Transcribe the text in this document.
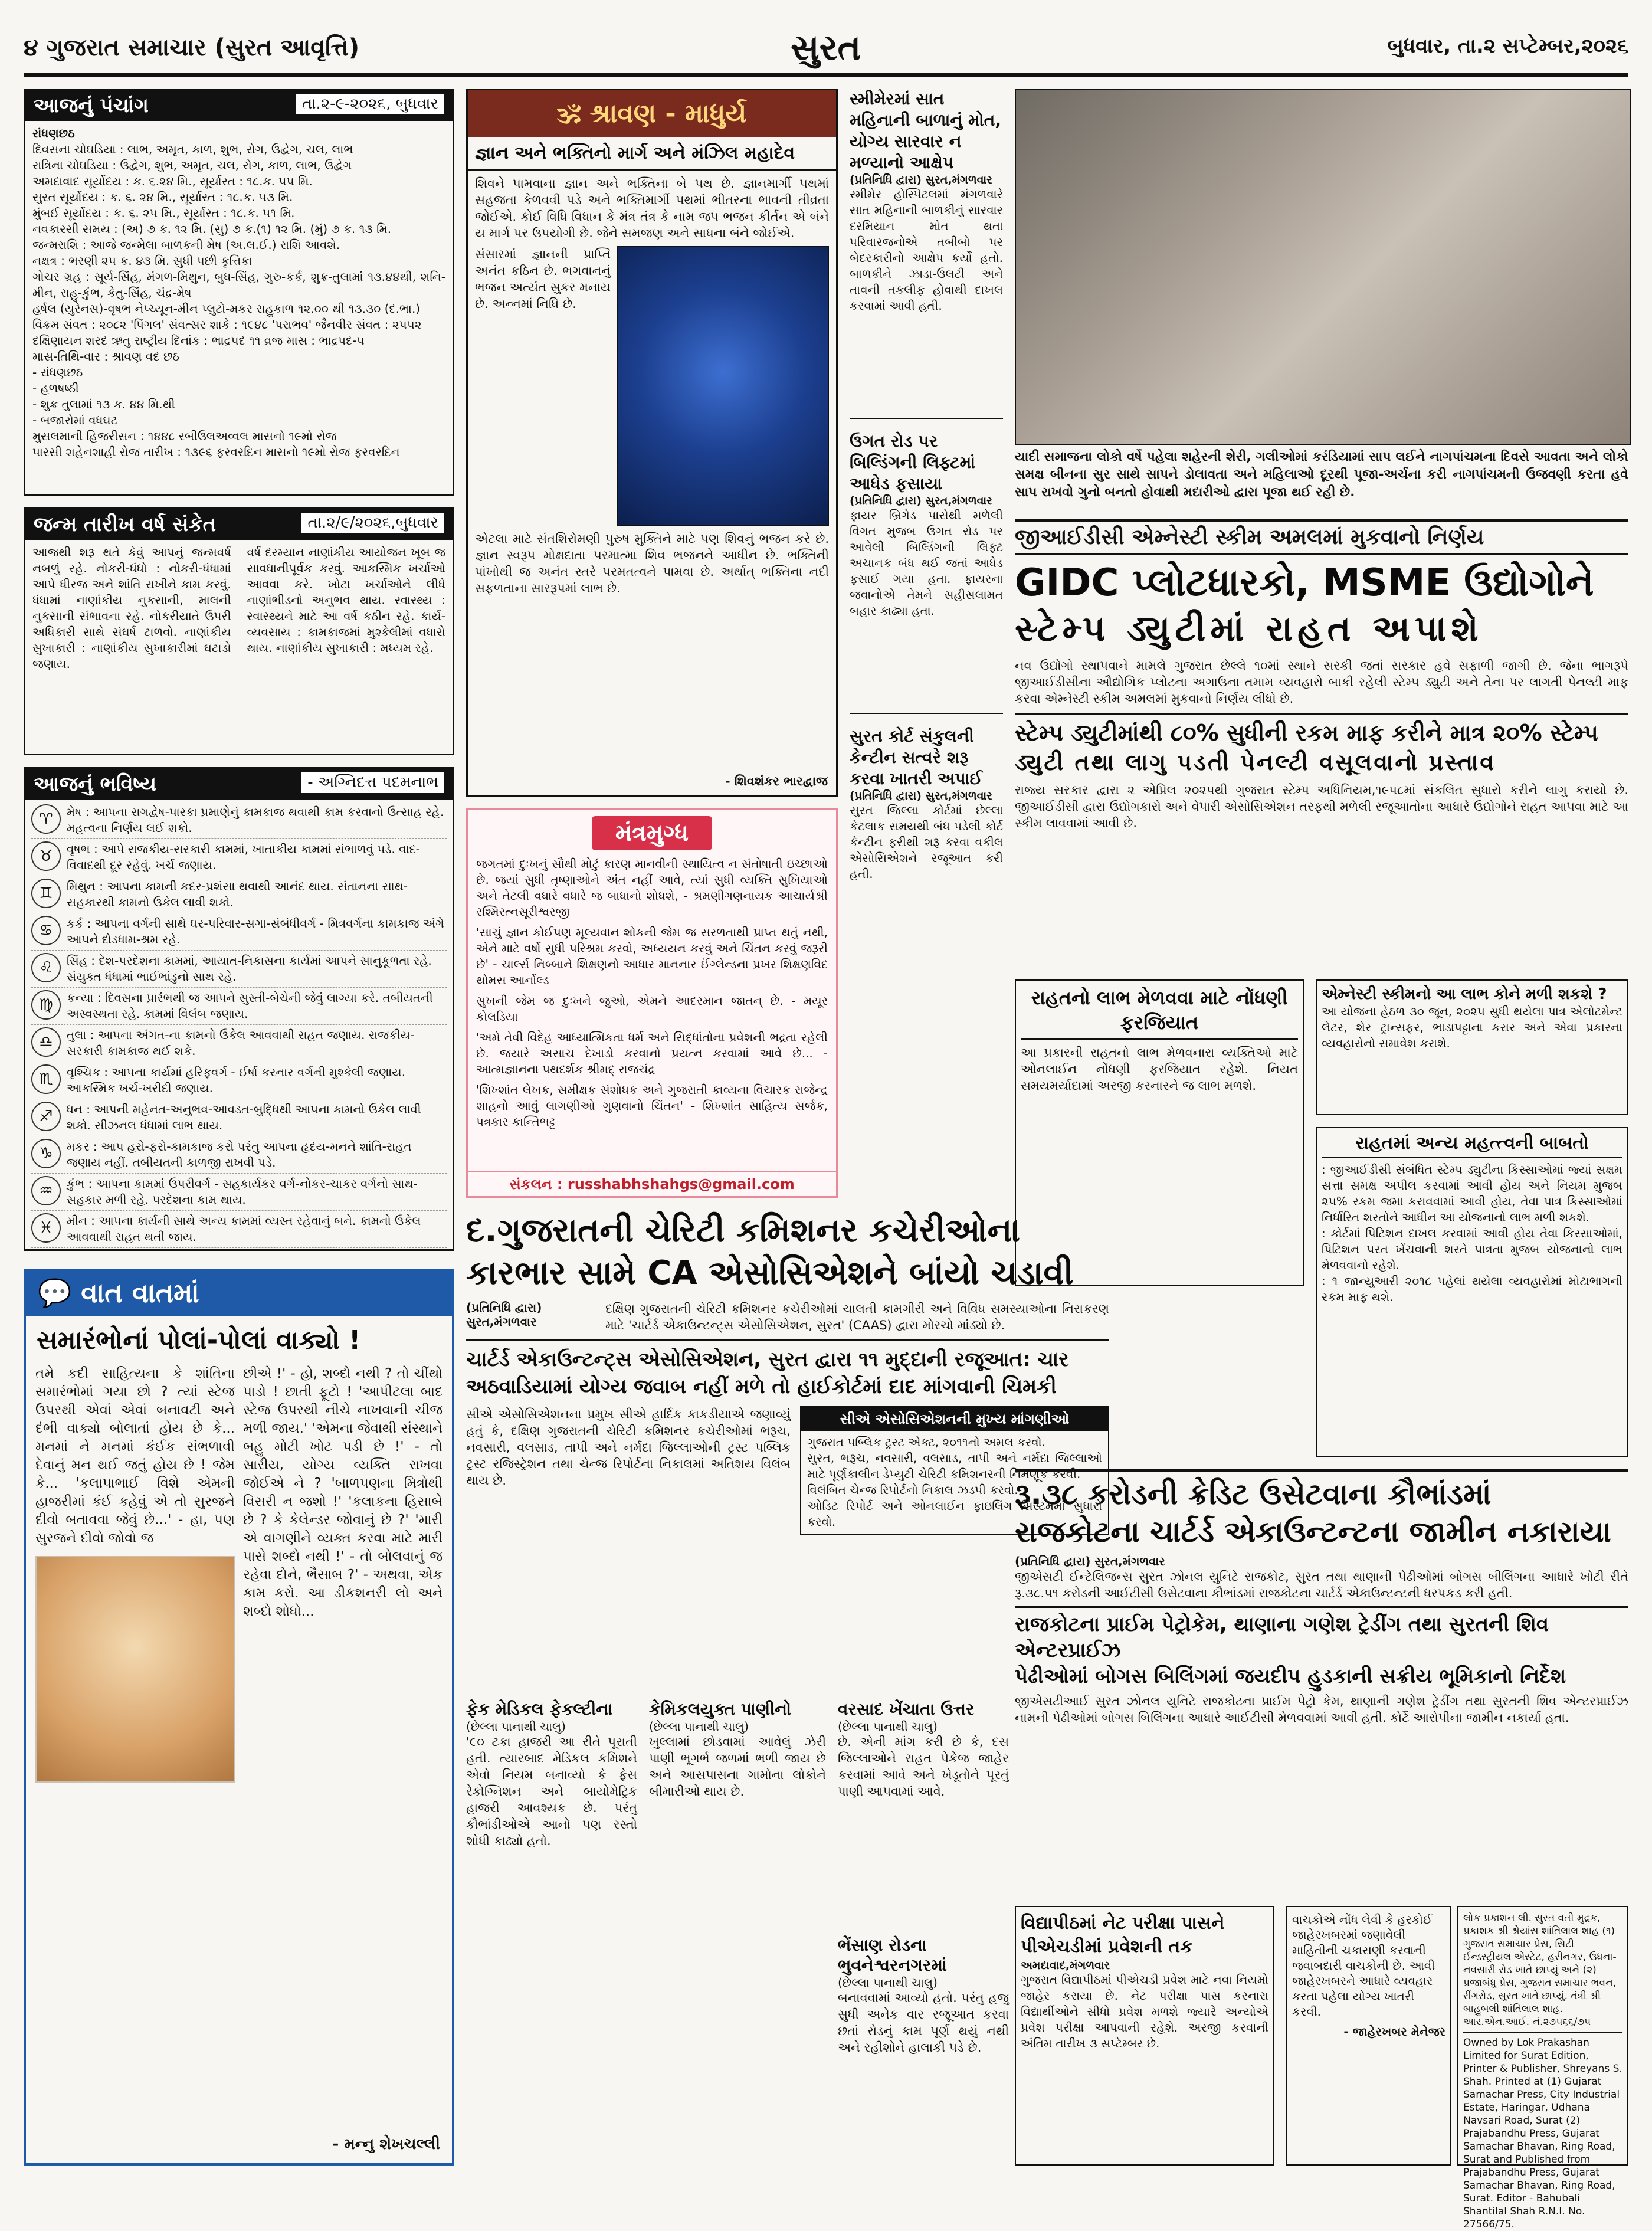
૪ ગુજરાત સમાચાર (સુરત આવૃત્તિ)	સુરત	બુધવાર, તા.૨ સપ્ટેમ્બર,૨૦૨૬
આજનું પંચાંગ	તા.૨-૯-૨૦૨૬, બુધવાર
રાંધણછઠ
દિવસના ચોઘડિયા : લાભ, અમૃત, કાળ, શુભ, રોગ, ઉદ્વેગ, ચલ, લાભ
રાત્રિના ચોઘડિયા : ઉદ્વેગ, શુભ, અમૃત, ચલ, રોગ, કાળ, લાભ, ઉદ્વેગ
અમદાવાદ સૂર્યોદય : ક. ૬.૨૪ મિ., સૂર્યાસ્ત : ૧૮.ક. ૫૫ મિ.
સુરત સૂર્યોદય : ક. ૬. ૨૪ મિ., સૂર્યાસ્ત : ૧૮.ક. ૫૩ મિ.
મુંબઈ સૂર્યોદય : ક. ૬. ૨૫ મિ., સૂર્યાસ્ત : ૧૮.ક. ૫૧ મિ.
નવકારસી સમય : (અ) ૭ ક. ૧૨ મિ. (સુ) ૭ ક.(૧) ૧૨ મિ. (મું) ૭ ક. ૧૩ મિ.
જન્મરાશિ : આજે જન્મેલા બાળકની મેષ (અ.લ.ઈ.) રાશિ આવશે.
નક્ષત્ર : ભરણી ૨૫ ક. ૪૩ મિ. સુધી પછી કૃત્તિકા
ગોચર ગ્રહ : સૂર્ય-સિંહ, મંગળ-મિથુન, બુધ-સિંહ, ગુરુ-કર્ક, શુક્ર-તુલામાં ૧૩.૪૪થી, શનિ-મીન, રાહુ-કુંભ, કેતુ-સિંહ, ચંદ્ર-મેષ
હર્ષલ (યુરેનસ)-વૃષભ નેપ્ચ્યૂન-મીન પ્લુટો-મકર રાહુકાળ ૧૨.૦૦ થી ૧૩.૩૦ (દ.ભા.)
વિક્રમ સંવત : ૨૦૮૨ 'પિંગલ' સંવત્સર શાકે : ૧૯૪૮ 'પરાભવ' જૈનવીર સંવત : ૨૫૫૨
દક્ષિણાયન શરદ ઋતુ રાષ્ટ્રીય દિનાંક : ભાદ્રપદ ૧૧ વ્રજ માસ : ભાદ્રપદ-૫
માસ-તિથિ-વાર : શ્રાવણ વદ છઠ
- રાંધણછઠ
- હળષષ્ઠી
- શુક્ર તુલામાં ૧૩ ક. ૪૪ મિ.થી
- બજારોમાં વધઘટ
મુસલમાની હિજરીસન : ૧૪૪૮ રબીઉલઅવ્વલ માસનો ૧૯મો રોજ
પારસી શહેનશાહી રોજ તારીખ : ૧૩૯૬ ફરવરદિન માસનો ૧૯મો રોજ ફરવરદિન
જન્મ તારીખ વર્ષ સંકેત	તા.૨/૯/૨૦૨૬,બુધવાર
આજથી શરૂ થતે કેવું આપનું જન્મવર્ષ નબળું રહે. નોકરી-ધંધો : નોકરી-ધંધામાં આપે ધીરજ અને શાંતિ રાખીને કામ કરવું. ધંધામાં નાણાંકીય નુકસાની, માલની નુકસાની સંભાવના રહે. નોકરીયાતે ઉપરી અધિકારી સાથે સંઘર્ષ ટાળવો. નાણાંકીય સુખાકારી : નાણાંકીય સુખાકારીમાં ઘટાડો જણાય.
વર્ષ દરમ્યાન નાણાંકીય આયોજન ખૂબ જ સાવધાનીપૂર્વક કરવું. આકસ્મિક ખર્ચાઓ આવવા કરે. ખોટા ખર્ચાઓને લીધે નાણાંભીડનો અનુભવ થાય. સ્વાસ્થ્ય : સ્વાસ્થ્યને માટે આ વર્ષ કઠીન રહે. કાર્ય-વ્યવસાય : કામકાજમાં મુશ્કેલીમાં વધારો થાય. નાણાંકીય સુખાકારી : મધ્યમ રહે.
આજનું ભવિષ્ય	- અગ્નિદત્ત પદમનાભ
♈	મેષ : આપના રાગદ્વેષ-પારકા પ્રમાણેનું કામકાજ થવાથી કામ કરવાનો ઉત્સાહ રહે. મહત્વના નિર્ણય લઈ શકો.
♉	વૃષભ : આપે રાજકીય-સરકારી કામમાં, ખાતાકીય કામમાં સંભાળવું પડે. વાદ-વિવાદથી દૂર રહેવું. ખર્ચ જણાય.
♊	મિથુન : આપના કામની કદર-પ્રશંસા થવાથી આનંદ થાય. સંતાનના સાથ-સહકારથી કામનો ઉકેલ લાવી શકો.
♋	કર્ક : આપના વર્ગની સાથે ઘર-પરિવાર-સગા-સંબંધીવર્ગ - મિત્રવર્ગના કામકાજ અંગે આપને દોડધામ-શ્રમ રહે.
♌	સિંહ : દેશ-પરદેશના કામમાં, આયાત-નિકાસના કાર્યમાં આપને સાનુકૂળતા રહે. સંયુક્ત ધંધામાં ભાઈભાંડુનો સાથ રહે.
♍	કન્યા : દિવસના પ્રારંભથી જ આપને સુસ્તી-બેચેની જેવું લાગ્યા કરે. તબીયતની અસ્વસ્થતા રહે. કામમાં વિલંબ જણાય.
♎	તુલા : આપના અંગત-ના કામનો ઉકેલ આવવાથી રાહત જણાય. રાજકીય-સરકારી કામકાજ થઈ શકે.
♏	વૃશ્ચિક : આપના કાર્યમાં હરિફવર્ગ - ઈર્ષા કરનાર વર્ગની મુશ્કેલી જણાય. આકસ્મિક ખર્ચ-ખરીદી જણાય.
♐	ધન : આપની મહેનત-અનુભવ-આવડત-બુદ્ધિથી આપના કામનો ઉકેલ લાવી શકો. સીઝનલ ધંધામાં લાભ થાય.
♑	મકર : આપ હરો-ફરો-કામકાજ કરો પરંતુ આપના હૃદય-મનને શાંતિ-રાહત જણાય નહીં. તબીયતની કાળજી રાખવી પડે.
♒	કુંભ : આપના કામમાં ઉપરીવર્ગ - સહકાર્યકર વર્ગ-નોકર-ચાકર વર્ગનો સાથ-સહકાર મળી રહે. પરદેશના કામ થાય.
♓	મીન : આપના કાર્યની સાથે અન્ય કામમાં વ્યસ્ત રહેવાનું બને. કામનો ઉકેલ આવવાથી રાહત થતી જાય.
💬 વાત વાતમાં
સમારંભોનાં પોલાં-પોલાં વાક્યો !
તમે કદી સાહિત્યના કે શાંતિના સમારંભોમાં ગયા છો ? ત્યાં સ્ટેજ ઉપરથી એવાં એવાં બનાવટી અને દંભી વાક્યો બોલાતાં હોય છે કે... મનમાં ને મનમાં કંઈક સંભળાવી દેવાનું મન થઈ જતું હોય છે ! જેમ કે... 'કલાપાભાઈ વિશે એમની હાજરીમાં કંઈ કહેવું એ તો સુરજને દીવો બતાવવા જેવું છે...' - હા, પણ સુરજને દીવો જોવો જ
છીએ !' - હો, શબ્દો નથી ? તો ચીંથો પાડો ! છાતી ફૂટો ! 'આપીટલા બાદ સ્ટેજ ઉપરથી નીચે નાખવાની ચીજ મળી જાય.' 'એમના જેવાથી સંસ્થાને બહુ મોટી ખોટ પડી છે !' - તો સારીય, યોગ્ય વ્યક્તિ રાખવા જોઈએ ને ? 'બાળપણના મિત્રોથી વિસરી ન જશો !' 'કલાકના હિસાબે છે ? કે કેલેન્ડર જોવાનું છે ?' 'મારી એ વાગણીને વ્યક્ત કરવા માટે મારી પાસે શબ્દો નથી !' - તો બોલવાનું જ રહેવા દોને, ભૈસાબ ?' - અથવા, એક કામ કરો. આ ડીકશનરી લો અને શબ્દો શોધો...
- મન્નુ શેખચલ્લી
🕉 શ્રાવણ - માધુર્ય
જ્ઞાન અને ભક્તિનો માર્ગ અને મંઝિલ મહાદેવ
શિવને પામવાના જ્ઞાન અને ભક્તિના બે પથ છે. જ્ઞાનમાર્ગી પથમાં સહજતા કેળવવી પડે અને ભક્તિમાર્ગી પથમાં ભીતરના ભાવની તીવ્રતા જોઈએ. કોઈ વિધિ વિધાન કે મંત્ર તંત્ર કે નામ જપ ભજન કીર્તન એ બંને ય માર્ગ પર ઉપયોગી છે. જેને સમજણ અને સાધના બંને જોઈએ.
સંસારમાં જ્ઞાનની પ્રાપ્તિ અનંત કઠિન છે. ભગવાનનું ભજન અત્યંત સુકર મનાય છે. અન્નમાં નિધિ છે.
એટલા માટે સંતશિરોમણી પુરુષ મુક્તિને માટે પણ શિવનું ભજન કરે છે. જ્ઞાન સ્વરૂપ મોક્ષદાતા પરમાત્મા શિવ ભજનને આધીન છે. ભક્તિની પાંખોથી જ અનંત સ્તરે પરમતત્વને પામવા છે. અર્થાત્ ભક્તિના નદી સફળતાના સારરૂપમાં લાભ છે.
- શિવશંકર ભારદ્વાજ
મંત્રમુગ્ધ
જગતમાં દુઃખનું સૌથી મોટું કારણ માનવીની સ્થાયિત્વ ન સંતોષાતી ઇચ્છાઓ છે. જયાં સુધી તૃષ્ણાઓને અંત નહીં આવે, ત્યાં સુધી વ્યક્તિ સુખિયાઓ અને તેટલી વધારે વધારે જ બાધાનો શોધશે, - શ્રમણીગણનાયક આચાર્યશ્રી રશ્મિરત્નસૂરીશ્વરજી
'સાચું જ્ઞાન કોઈપણ મૂલ્યવાન શોકની જેમ જ સરળતાથી પ્રાપ્ત થતું નથી, એને માટે વર્ષો સુધી પરિશ્રમ કરવો, અધ્યયન કરવું અને ચિંતન કરવું જરૂરી છે' - ચાર્લ્સ નિબ્બાને શિક્ષણનો આધાર માનનાર ઈંગ્લેન્ડના પ્રખર શિક્ષણવિદ થોમસ આર્નોલ્ડ
સુખની જેમ જ દુઃખને જુઓ, એમને આદરમાન જાતન્ છે. - મયૂર કોલડિયા
'અમે તેવી વિદેહ આધ્યાત્મિકતા ધર્મ અને સિદ્ધાંતોના પ્રવેશની ભદ્રતા રહેલી છે. જયારે અસાચ દેખાડો કરવાનો પ્રયત્ન કરવામાં આવે છે... - આત્મજ્ઞાનના પથદર્શક શ્રીમદ્ રાજચંદ્ર
'શિખ્શાંત લેખક, સમીક્ષક સંશોધક અને ગુજરાતી કાવ્યના વિચારક રાજેન્દ્ર શાહનો આવું લાગણીઓ ગુણવાનો ચિંતન' - શિખ્શાંત સાહિત્ય સર્જક, પત્રકાર કાન્તિભટ્ટ
સંકલન : russhabhshahgs@gmail.com
દ.ગુજરાતની ચેરિટી કમિશનર કચેરીઓના
કારભાર સામે CA એસોસિએશને બાંયો ચડાવી
(પ્રતિનિધિ દ્વારા) સુરત,મંગળવાર
દક્ષિણ ગુજરાતની ચેરિટી કમિશનર કચેરીઓમાં ચાલતી કામગીરી અને વિવિધ સમસ્યાઓના નિરાકરણ માટે 'ચાર્ટર્ડ એકાઉન્ટન્ટ્સ એસોસિએશન, સુરત' (CAAS) દ્વારા મોરચો માંડ્યો છે.
ચાર્ટર્ડ એકાઉન્ટન્ટ્સ એસોસિએશન, સુરત દ્વારા ૧૧ મુદ્દાની રજૂઆત: ચાર અઠવાડિયામાં યોગ્ય જવાબ નહીં મળે તો હાઈકોર્ટમાં દાદ માંગવાની ચિમકી
સીએ એસોસિએશનના પ્રમુખ સીએ હાર્દિક કાકડીયાએ જણાવ્યું હતું કે, દક્ષિણ ગુજરાતની ચેરિટી કમિશનર કચેરીઓમાં ભરૂચ, નવસારી, વલસાડ, તાપી અને નર્મદા જિલ્લાઓની ટ્રસ્ટ પબ્લિક ટ્રસ્ટ રજિસ્ટ્રેશન તથા ચેન્જ રિપોર્ટના નિકાલમાં અતિશય વિલંબ થાય છે.
સીએ એસોસિએશનની મુખ્ય માંગણીઓ
ગુજરાત પબ્લિક ટ્રસ્ટ એક્ટ, ૨૦૧૧નો અમલ કરવો.
સુરત, ભરૂચ, નવસારી, વલસાડ, તાપી અને નર્મદા જિલ્લાઓ માટે પૂર્ણકાલીન ડેપ્યુટી ચેરિટી કમિશનરની નિમણૂક કરવી.
વિલંબિત ચેન્જ રિપોર્ટનો નિકાલ ઝડપી કરવો.
ઓડિટ રિપોર્ટ અને ઓનલાઈન ફાઇલિંગ સિસ્ટમમાં સુધારો કરવો.
ફેક મેડિકલ ફેકલ્ટીના
(છેલ્લા પાનાથી ચાલુ)
'૯૦ ટકા હાજરી આ રીતે પૂરાતી હતી. ત્યારબાદ મેડિકલ કમિશને એવો નિયમ બનાવ્યો કે ફેસ રેકોગ્નિશન અને બાયોમેટ્રિક હાજરી આવશ્યક છે. પરંતુ કૌભાંડીઓએ આનો પણ રસ્તો શોધી કાઢ્યો હતો.
કેમિકલયુક્ત પાણીનો
(છેલ્લા પાનાથી ચાલુ)
ખુલ્લામાં છોડવામાં આવેલું ઝેરી પાણી ભૂગર્ભ જળમાં ભળી જાય છે અને આસપાસના ગામોના લોકોને બીમારીઓ થાય છે.
વરસાદ ખેંચાતા ઉત્તર
(છેલ્લા પાનાથી ચાલુ)
છે. એની માંગ કરી છે કે, દસ જિલ્લાઓને રાહત પેકેજ જાહેર કરવામાં આવે અને ખેડૂતોને પૂરતું પાણી આપવામાં આવે.
ભેંસાણ રોડના ભુવનેશ્વરનગરમાં
(છેલ્લા પાનાથી ચાલુ)
બનાવવામાં આવ્યો હતો. પરંતુ હજુ સુધી અનેક વાર રજૂઆત કરવા છતાં રોડનું કામ પૂર્ણ થયું નથી અને રહીશોને હાલાકી પડે છે.
સ્મીમેરમાં સાત મહિનાની બાળાનું મોત, યોગ્ય સારવાર ન મળ્યાનો આક્ષેપ
(પ્રતિનિધિ દ્વારા) સુરત,મંગળવાર
સ્મીમેર હોસ્પિટલમાં મંગળવારે સાત મહિનાની બાળકીનું સારવાર દરમિયાન મોત થતા પરિવારજનોએ તબીબો પર બેદરકારીનો આક્ષેપ કર્યો હતો. બાળકીને ઝાડા-ઉલટી અને તાવની તકલીફ હોવાથી દાખલ કરવામાં આવી હતી.
ઉગત રોડ પર બિલ્ડિંગની લિફ્ટમાં આધેડ ફસાયા
(પ્રતિનિધિ દ્વારા) સુરત,મંગળવાર
ફાયર બ્રિગેડ પાસેથી મળેલી વિગત મુજબ ઉગત રોડ પર આવેલી બિલ્ડિંગની લિફ્ટ અચાનક બંધ થઈ જતાં આધેડ ફસાઈ ગયા હતા. ફાયરના જવાનોએ તેમને સહીસલામત બહાર કાઢ્યા હતા.
સુરત કોર્ટ સંકુલની કેન્ટીન સત્વરે શરૂ કરવા ખાતરી અપાઈ
(પ્રતિનિધિ દ્વારા) સુરત,મંગળવાર
સુરત જિલ્લા કોર્ટમાં છેલ્લા કેટલાક સમયથી બંધ પડેલી કોર્ટ કેન્ટીન ફરીથી શરૂ કરવા વકીલ એસોસિએશને રજૂઆત કરી હતી.
યાદી સમાજના લોકો વર્ષે પહેલા શહેરની શેરી, ગલીઓમાં કરંડિયામાં સાપ લઈને નાગપાંચમના દિવસે આવતા અને લોકો સમક્ષ બીનના સુર સાથે સાપને ડોલાવતા અને મહિલાઓ દૂરથી પૂજા-અર્ચના કરી નાગપાંચમની ઉજવણી કરતા હવે સાપ રાખવો ગુનો બનતો હોવાથી મદારીઓ દ્વારા પૂજા થઈ રહી છે.
જીઆઈડીસી એમ્નેસ્ટી સ્કીમ અમલમાં મુકવાનો નિર્ણય
GIDC પ્લોટધારકો, MSME ઉદ્યોગોને
સ્ટેમ્પ ડ્યુટીમાં રાહત અપાશે
નવ ઉદ્યોગો સ્થાપવાને મામલે ગુજરાત છેલ્લે ૧૦માં સ્થાને સરકી જતાં સરકાર હવે સફાળી જાગી છે. જેના ભાગરૂપે જીઆઈડીસીના ઔદ્યોગિક પ્લોટના અગાઉના તમામ વ્યવહારો બાકી રહેલી સ્ટેમ્પ ડ્યુટી અને તેના પર લાગતી પેનલ્ટી માફ કરવા એમ્નેસ્ટી સ્કીમ અમલમાં મુકવાનો નિર્ણય લીધો છે.
સ્ટેમ્પ ડ્યુટીમાંથી ૮૦% સુધીની રકમ માફ કરીને માત્ર ૨૦% સ્ટેમ્પ
ડ્યુટી તથા લાગુ પડતી પેનલ્ટી વસૂલવાનો પ્રસ્તાવ
રાજ્ય સરકાર દ્વારા ૨ એપ્રિલ ૨૦૨૫થી ગુજરાત સ્ટેમ્પ અધિનિયમ,૧૯૫૮માં સંકલિત સુધારો કરીને લાગુ કરાયો છે. જીઆઈડીસી દ્વારા ઉદ્યોગકારો અને વેપારી એસોસિએશન તરફથી મળેલી રજૂઆતોના આધારે ઉદ્યોગોને રાહત આપવા માટે આ સ્કીમ લાવવામાં આવી છે.
એમ્નેસ્ટી સ્કીમનો આ લાભ કોને મળી શકશે ?
આ યોજના હેઠળ ૩૦ જૂન, ૨૦૨૫ સુધી થયેલા પાત્ર એલોટમેન્ટ લેટર, શેર ટ્રાન્સફર, ભાડાપટ્ટાના કરાર અને એવા પ્રકારના વ્યવહારોનો સમાવેશ કરાશે.
રાહતનો લાભ મેળવવા માટે નોંધણી ફરજિયાત
આ પ્રકારની રાહતનો લાભ મેળવનારા વ્યક્તિઓ માટે ઓનલાઈન નોંધણી ફરજિયાત રહેશે. નિયત સમયમર્યાદામાં અરજી કરનારને જ લાભ મળશે.
રાહતમાં અન્ય મહત્ત્વની બાબતો
: જીઆઈડીસી સંબંધિત સ્ટેમ્પ ડ્યુટીના કિસ્સાઓમાં જ્યાં સક્ષમ સત્તા સમક્ષ અપીલ કરવામાં આવી હોય અને નિયમ મુજબ ૨૫% રકમ જમા કરાવવામાં આવી હોય, તેવા પાત્ર કિસ્સાઓમાં નિર્ધારિત શરતોને આધીન આ યોજનાનો લાભ મળી શકશે.
: કોર્ટમાં પિટિશન દાખલ કરવામાં આવી હોય તેવા કિસ્સાઓમાં, પિટિશન પરત ખેંચવાની શરતે પાત્રતા મુજબ યોજનાનો લાભ મેળવવાનો રહેશે.
: ૧ જાન્યુઆરી ૨૦૧૮ પહેલાં થયેલા વ્યવહારોમાં મોટાભાગની રકમ માફ થશે.
રૂ.૩૮ કરોડની ક્રેડિટ ઉસેટવાના કૌભાંડમાં
રાજકોટના ચાર્ટર્ડ એકાઉન્ટન્ટના જામીન નકારાયા
(પ્રતિનિધિ દ્વારા) સુરત,મંગળવાર
જીએસટી ઈન્ટેલિજન્સ સુરત ઝોનલ યુનિટે રાજકોટ, સુરત તથા થાણાની પેઢીઓમાં બોગસ બીલિંગના આધારે ખોટી રીતે રૂ.૩૮.૫૧ કરોડની આઈટીસી ઉસેટવાના કૌભાંડમાં રાજકોટના ચાર્ટર્ડ એકાઉન્ટન્ટની ધરપકડ કરી હતી.
રાજકોટના પ્રાઈમ પેટ્રોકેમ, થાણાના ગણેશ ટ્રેડીંગ તથા સુરતની શિવ એન્ટરપ્રાઈઝ
પેઢીઓમાં બોગસ બિલિંગમાં જયદીપ હુડકાની સક્રીય ભૂમિકાનો નિર્દેશ
જીએસટીઆઈ સુરત ઝોનલ યુનિટે રાજકોટના પ્રાઈમ પેટ્રો કેમ, થાણાની ગણેશ ટ્રેડીંગ તથા સુરતની શિવ એન્ટરપ્રાઈઝ નામની પેઢીઓમાં બોગસ બિલિંગના આધારે આઈટીસી મેળવવામાં આવી હતી. કોર્ટે આરોપીના જામીન નકાર્યા હતા.
વિદ્યાપીઠમાં નેટ પરીક્ષા પાસને પીએચડીમાં પ્રવેશની તક
અમદાવાદ,મંગળવાર
ગુજરાત વિદ્યાપીઠમાં પીએચડી પ્રવેશ માટે નવા નિયમો જાહેર કરાયા છે. નેટ પરીક્ષા પાસ કરનારા વિદ્યાર્થીઓને સીધો પ્રવેશ મળશે જ્યારે અન્યોએ પ્રવેશ પરીક્ષા આપવાની રહેશે. અરજી કરવાની અંતિમ તારીખ ૩ સપ્ટેમ્બર છે.
વાચકોએ નોંધ લેવી કે હરકોઈ જાહેરખબરમાં જણાવેલી માહિતીની ચકાસણી કરવાની જવાબદારી વાચકોની છે. આવી જાહેરખબરને આધારે વ્યવહાર કરતા પહેલા યોગ્ય ખાતરી કરવી.
- જાહેરખબર મેનેજર
લોક પ્રકાશન લી. સુરત વતી મુદ્રક, પ્રકાશક શ્રી શ્રેયાંસ શાંતિલાલ શાહ (૧) ગુજરાત સમાચાર પ્રેસ, સિટી ઈન્ડસ્ટ્રીયલ એસ્ટેટ, હરીનગર, ઉધના-નવસારી રોડ ખાતે છાપ્યું અને (૨) પ્રજાબંધુ પ્રેસ, ગુજરાત સમાચાર ભવન, રીંગરોડ, સુરત ખાતે છાપ્યું. તંત્રી શ્રી બાહુબલી શાંતિલાલ શાહ. આર.એન.આઈ. નં.૨૭૫૬૬/૭૫
Owned by Lok Prakashan Limited for Surat Edition, Printer & Publisher, Shreyans S. Shah. Printed at (1) Gujarat Samachar Press, City Industrial Estate, Haringar, Udhana Navsari Road, Surat (2) Prajabandhu Press, Gujarat Samachar Bhavan, Ring Road, Surat and Published from Prajabandhu Press, Gujarat Samachar Bhavan, Ring Road, Surat. Editor - Bahubali Shantilal Shah R.N.I. No. 27566/75.
